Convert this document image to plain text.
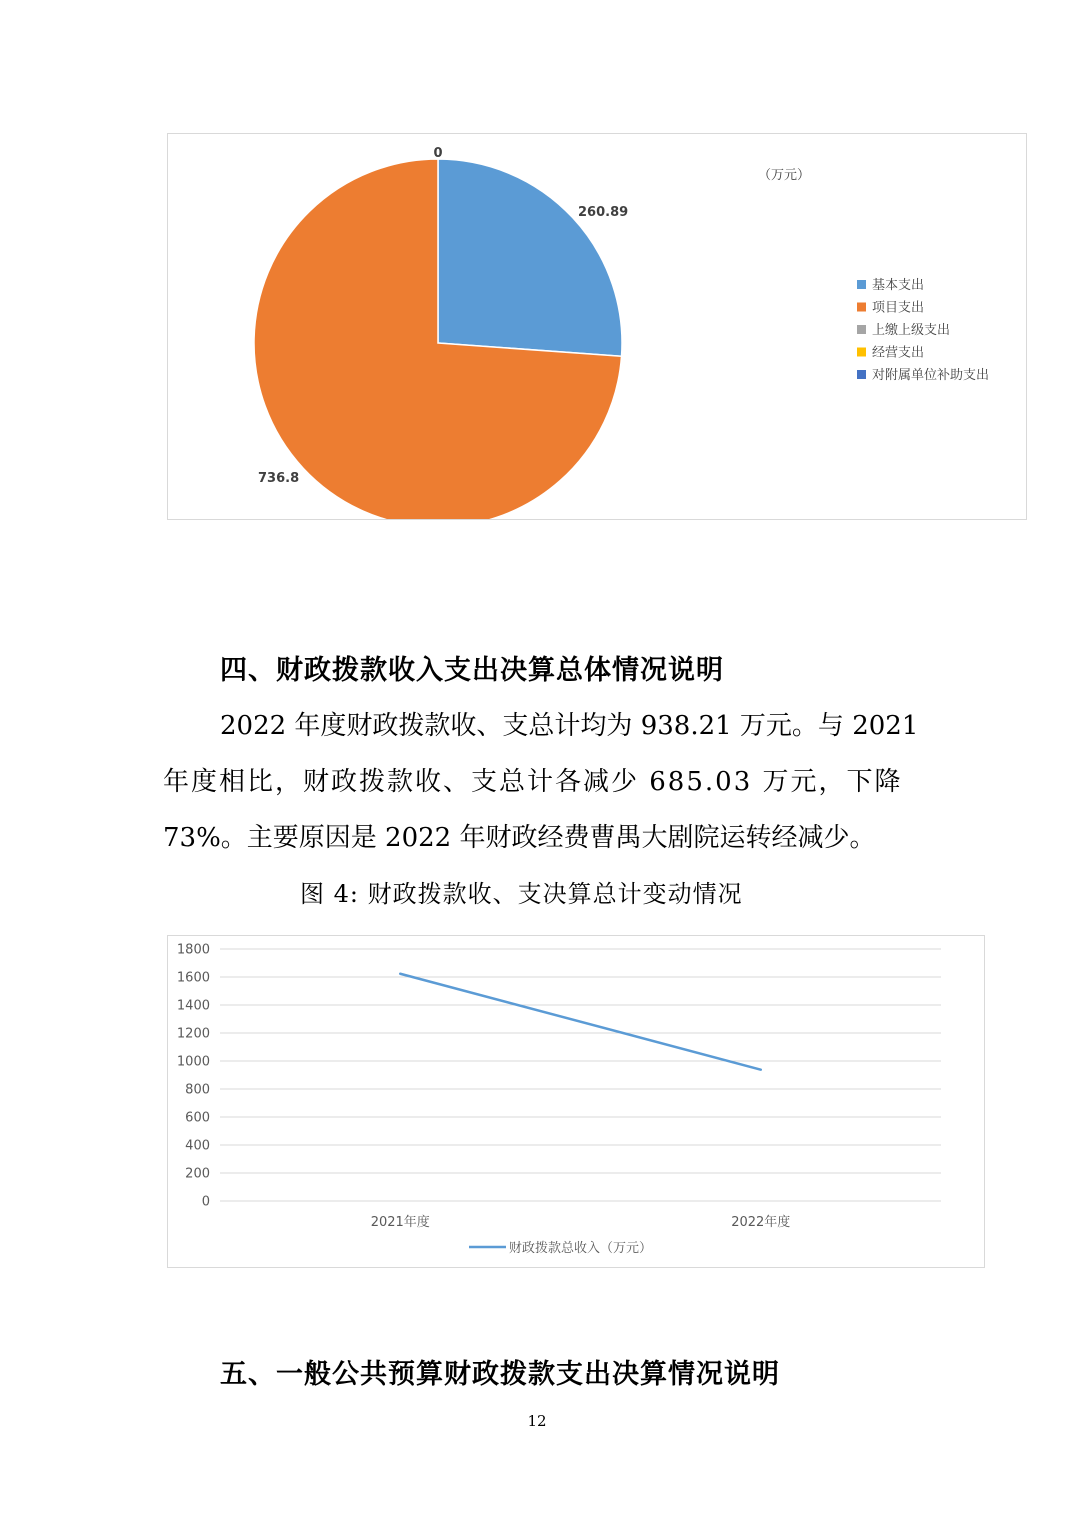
260.89
736.8
0
（万元）
基本支出
项目支出
上缴上级支出
经营支出
对附属单位补助支出
四、财政拨款收入支出决算总体情况说明
2022 年度财政拨款收、支总计均为 938.21 万元。与 2021
年度相比，财政拨款收、支总计各减少 685.03 万元，下降
73%。主要原因是 2022 年财政经费曹禺大剧院运转经减少。
图 4: 财政拨款收、支决算总计变动情况
0
200
400
600
800
1000
1200
1400
1600
1800
2021年度	2022年度
财政拨款总收入（万元）
五、一般公共预算财政拨款支出决算情况说明
12
